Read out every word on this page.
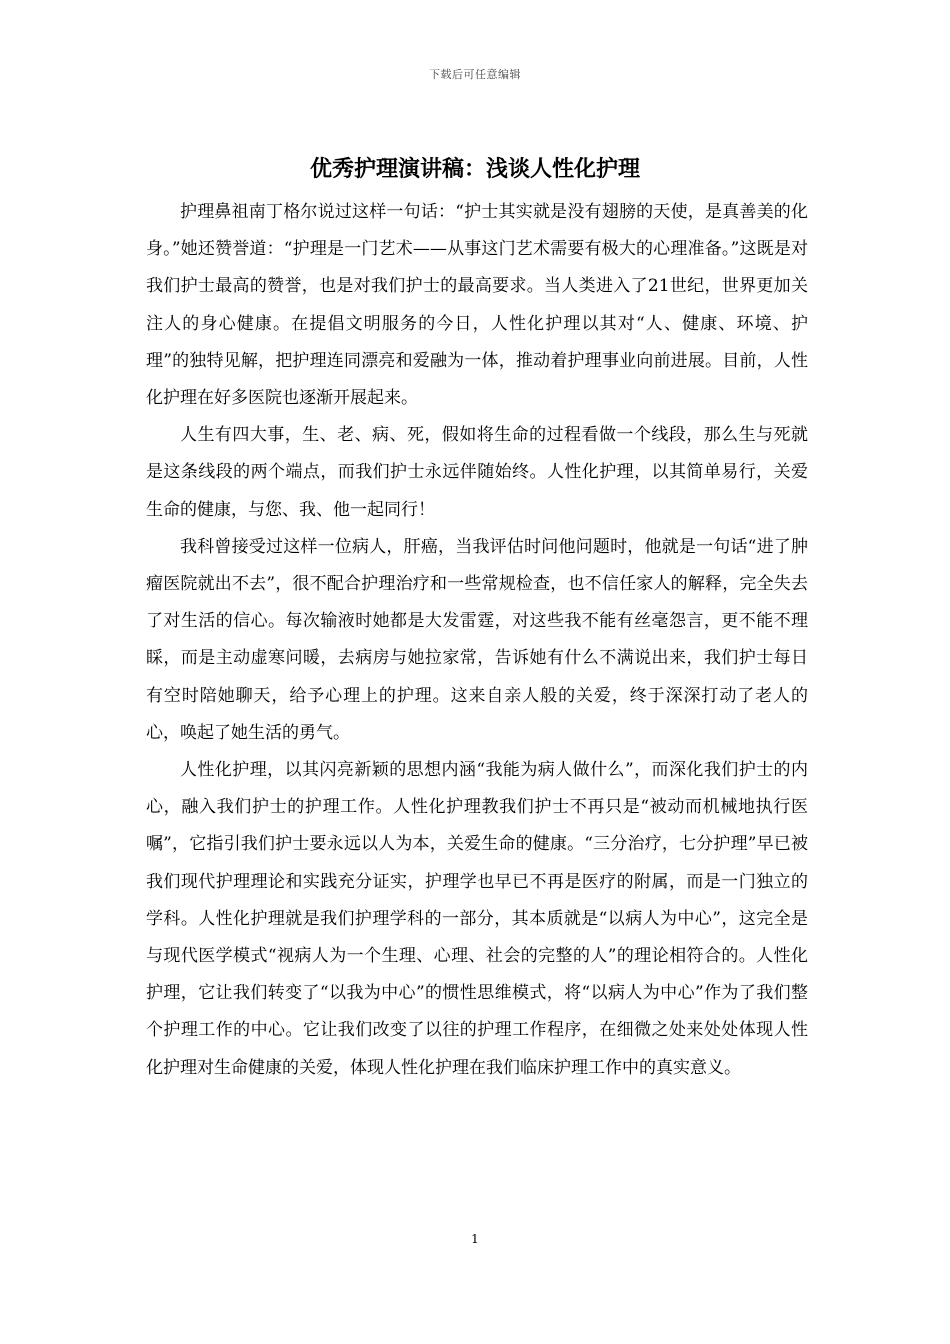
下载后可任意编辑
优秀护理演讲稿：浅谈人性化护理

护理鼻祖南丁格尔说过这样一句话：“护士其实就是没有翅膀的天使，是真善美的化身。”她还赞誉道：“护理是一门艺术——从事这门艺术需要有极大的心理准备。”这既是对我们护士最高的赞誉，也是对我们护士的最高要求。当人类进入了21世纪，世界更加关注人的身心健康。在提倡文明服务的今日，人性化护理以其对“人、健康、环境、护理”的独特见解，把护理连同漂亮和爱融为一体，推动着护理事业向前进展。目前，人性化护理在好多医院也逐渐开展起来。

人生有四大事，生、老、病、死，假如将生命的过程看做一个线段，那么生与死就是这条线段的两个端点，而我们护士永远伴随始终。人性化护理，以其简单易行，关爱生命的健康，与您、我、他一起同行！

我科曾接受过这样一位病人，肝癌，当我评估时问他问题时，他就是一句话“进了肿瘤医院就出不去”，很不配合护理治疗和一些常规检查，也不信任家人的解释，完全失去了对生活的信心。每次输液时她都是大发雷霆，对这些我不能有丝毫怨言，更不能不理睬，而是主动虚寒问暖，去病房与她拉家常，告诉她有什么不满说出来，我们护士每日有空时陪她聊天，给予心理上的护理。这来自亲人般的关爱，终于深深打动了老人的心，唤起了她生活的勇气。

人性化护理，以其闪亮新颖的思想内涵“我能为病人做什么”，而深化我们护士的内心，融入我们护士的护理工作。人性化护理教我们护士不再只是“被动而机械地执行医嘱”，它指引我们护士要永远以人为本，关爱生命的健康。“三分治疗，七分护理”早已被我们现代护理理论和实践充分证实，护理学也早已不再是医疗的附属，而是一门独立的学科。人性化护理就是我们护理学科的一部分，其本质就是“以病人为中心”，这完全是与现代医学模式“视病人为一个生理、心理、社会的完整的人”的理论相符合的。人性化护理，它让我们转变了“以我为中心”的惯性思维模式，将“以病人为中心”作为了我们整个护理工作的中心。它让我们改变了以往的护理工作程序，在细微之处来处处体现人性化护理对生命健康的关爱，体现人性化护理在我们临床护理工作中的真实意义。

1
